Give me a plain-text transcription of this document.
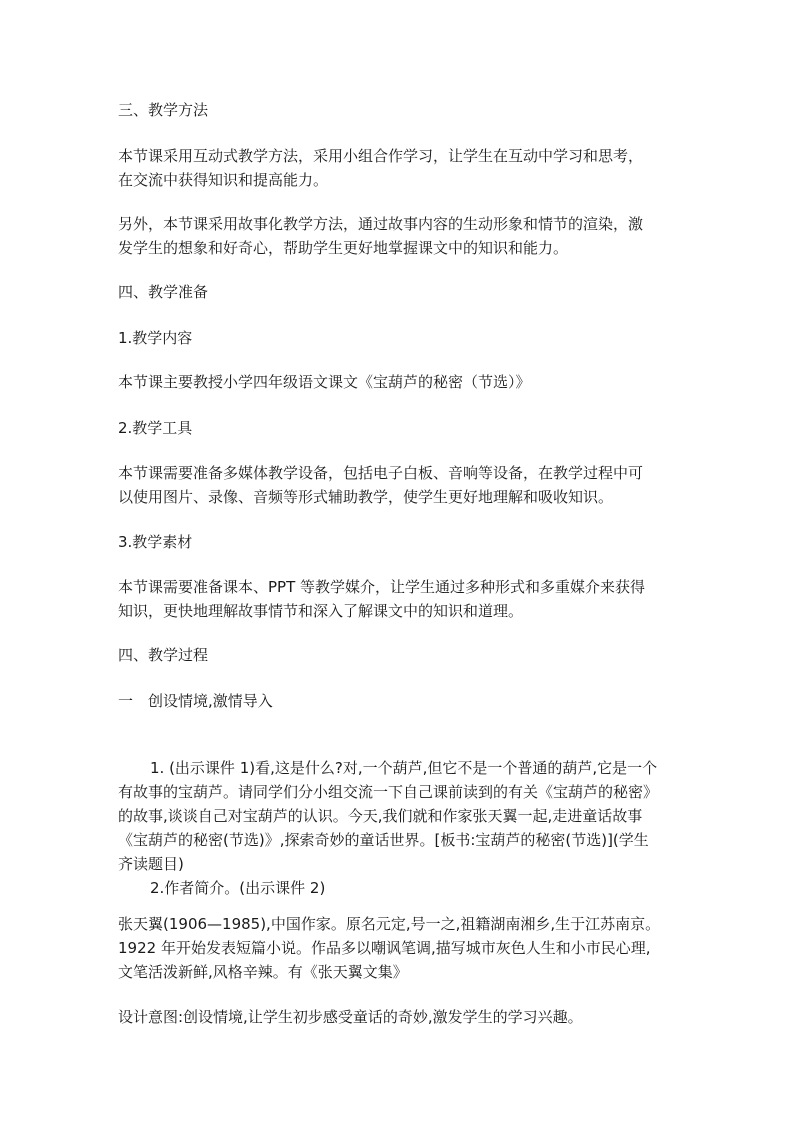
三、教学方法

本节课采用互动式教学方法，采用小组合作学习，让学生在互动中学习和思考，

在交流中获得知识和提高能力。

另外，本节课采用故事化教学方法，通过故事内容的生动形象和情节的渲染，激

发学生的想象和好奇心，帮助学生更好地掌握课文中的知识和能力。

四、教学准备

1.教学内容

本节课主要教授小学四年级语文课文《宝葫芦的秘密（节选）》

2.教学工具

本节课需要准备多媒体教学设备，包括电子白板、音响等设备，在教学过程中可

以使用图片、录像、音频等形式辅助教学，使学生更好地理解和吸收知识。

3.教学素材

本节课需要准备课本、PPT 等教学媒介，让学生通过多种形式和多重媒介来获得

知识，更快地理解故事情节和深入了解课文中的知识和道理。

四、教学过程

一　创设情境,激情导入

1. (出示课件 1)看,这是什么?对,一个葫芦,但它不是一个普通的葫芦,它是一个

有故事的宝葫芦。请同学们分小组交流一下自己课前读到的有关《宝葫芦的秘密》

的故事,谈谈自己对宝葫芦的认识。今天,我们就和作家张天翼一起,走进童话故事

《宝葫芦的秘密(节选)》,探索奇妙的童话世界。[板书:宝葫芦的秘密(节选)](学生

齐读题目)

2.作者简介。(出示课件 2)

张天翼(1906—1985),中国作家。原名元定,号一之,祖籍湖南湘乡,生于江苏南京。

1922 年开始发表短篇小说。作品多以嘲讽笔调,描写城市灰色人生和小市民心理,

文笔活泼新鲜,风格辛辣。有《张天翼文集》

设计意图:创设情境,让学生初步感受童话的奇妙,激发学生的学习兴趣。
